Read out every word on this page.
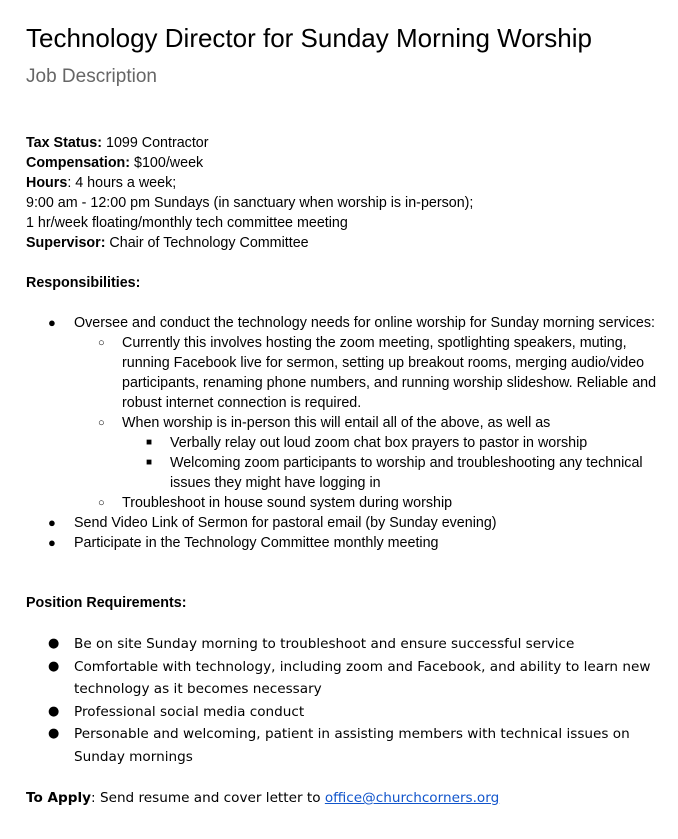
Technology Director for Sunday Morning Worship
Job Description
Tax Status: 1099 Contractor
Compensation: $100/week
Hours: 4 hours a week;
9:00 am - 12:00 pm Sundays (in sanctuary when worship is in-person);
1 hr/week floating/monthly tech committee meeting
Supervisor: Chair of Technology Committee
Responsibilities:
● Oversee and conduct the technology needs for online worship for Sunday morning services:
○ Currently this involves hosting the zoom meeting, spotlighting speakers, muting, running Facebook live for sermon, setting up breakout rooms, merging audio/video participants, renaming phone numbers, and running worship slideshow. Reliable and robust internet connection is required.
○ When worship is in-person this will entail all of the above, as well as
■ Verbally relay out loud zoom chat box prayers to pastor in worship
■ Welcoming zoom participants to worship and troubleshooting any technical issues they might have logging in
○ Troubleshoot in house sound system during worship
● Send Video Link of Sermon for pastoral email (by Sunday evening)
● Participate in the Technology Committee monthly meeting
Position Requirements:
● Be on site Sunday morning to troubleshoot and ensure successful service
● Comfortable with technology, including zoom and Facebook, and ability to learn new technology as it becomes necessary
● Professional social media conduct
● Personable and welcoming, patient in assisting members with technical issues on Sunday mornings
To Apply: Send resume and cover letter to office@churchcorners.org
